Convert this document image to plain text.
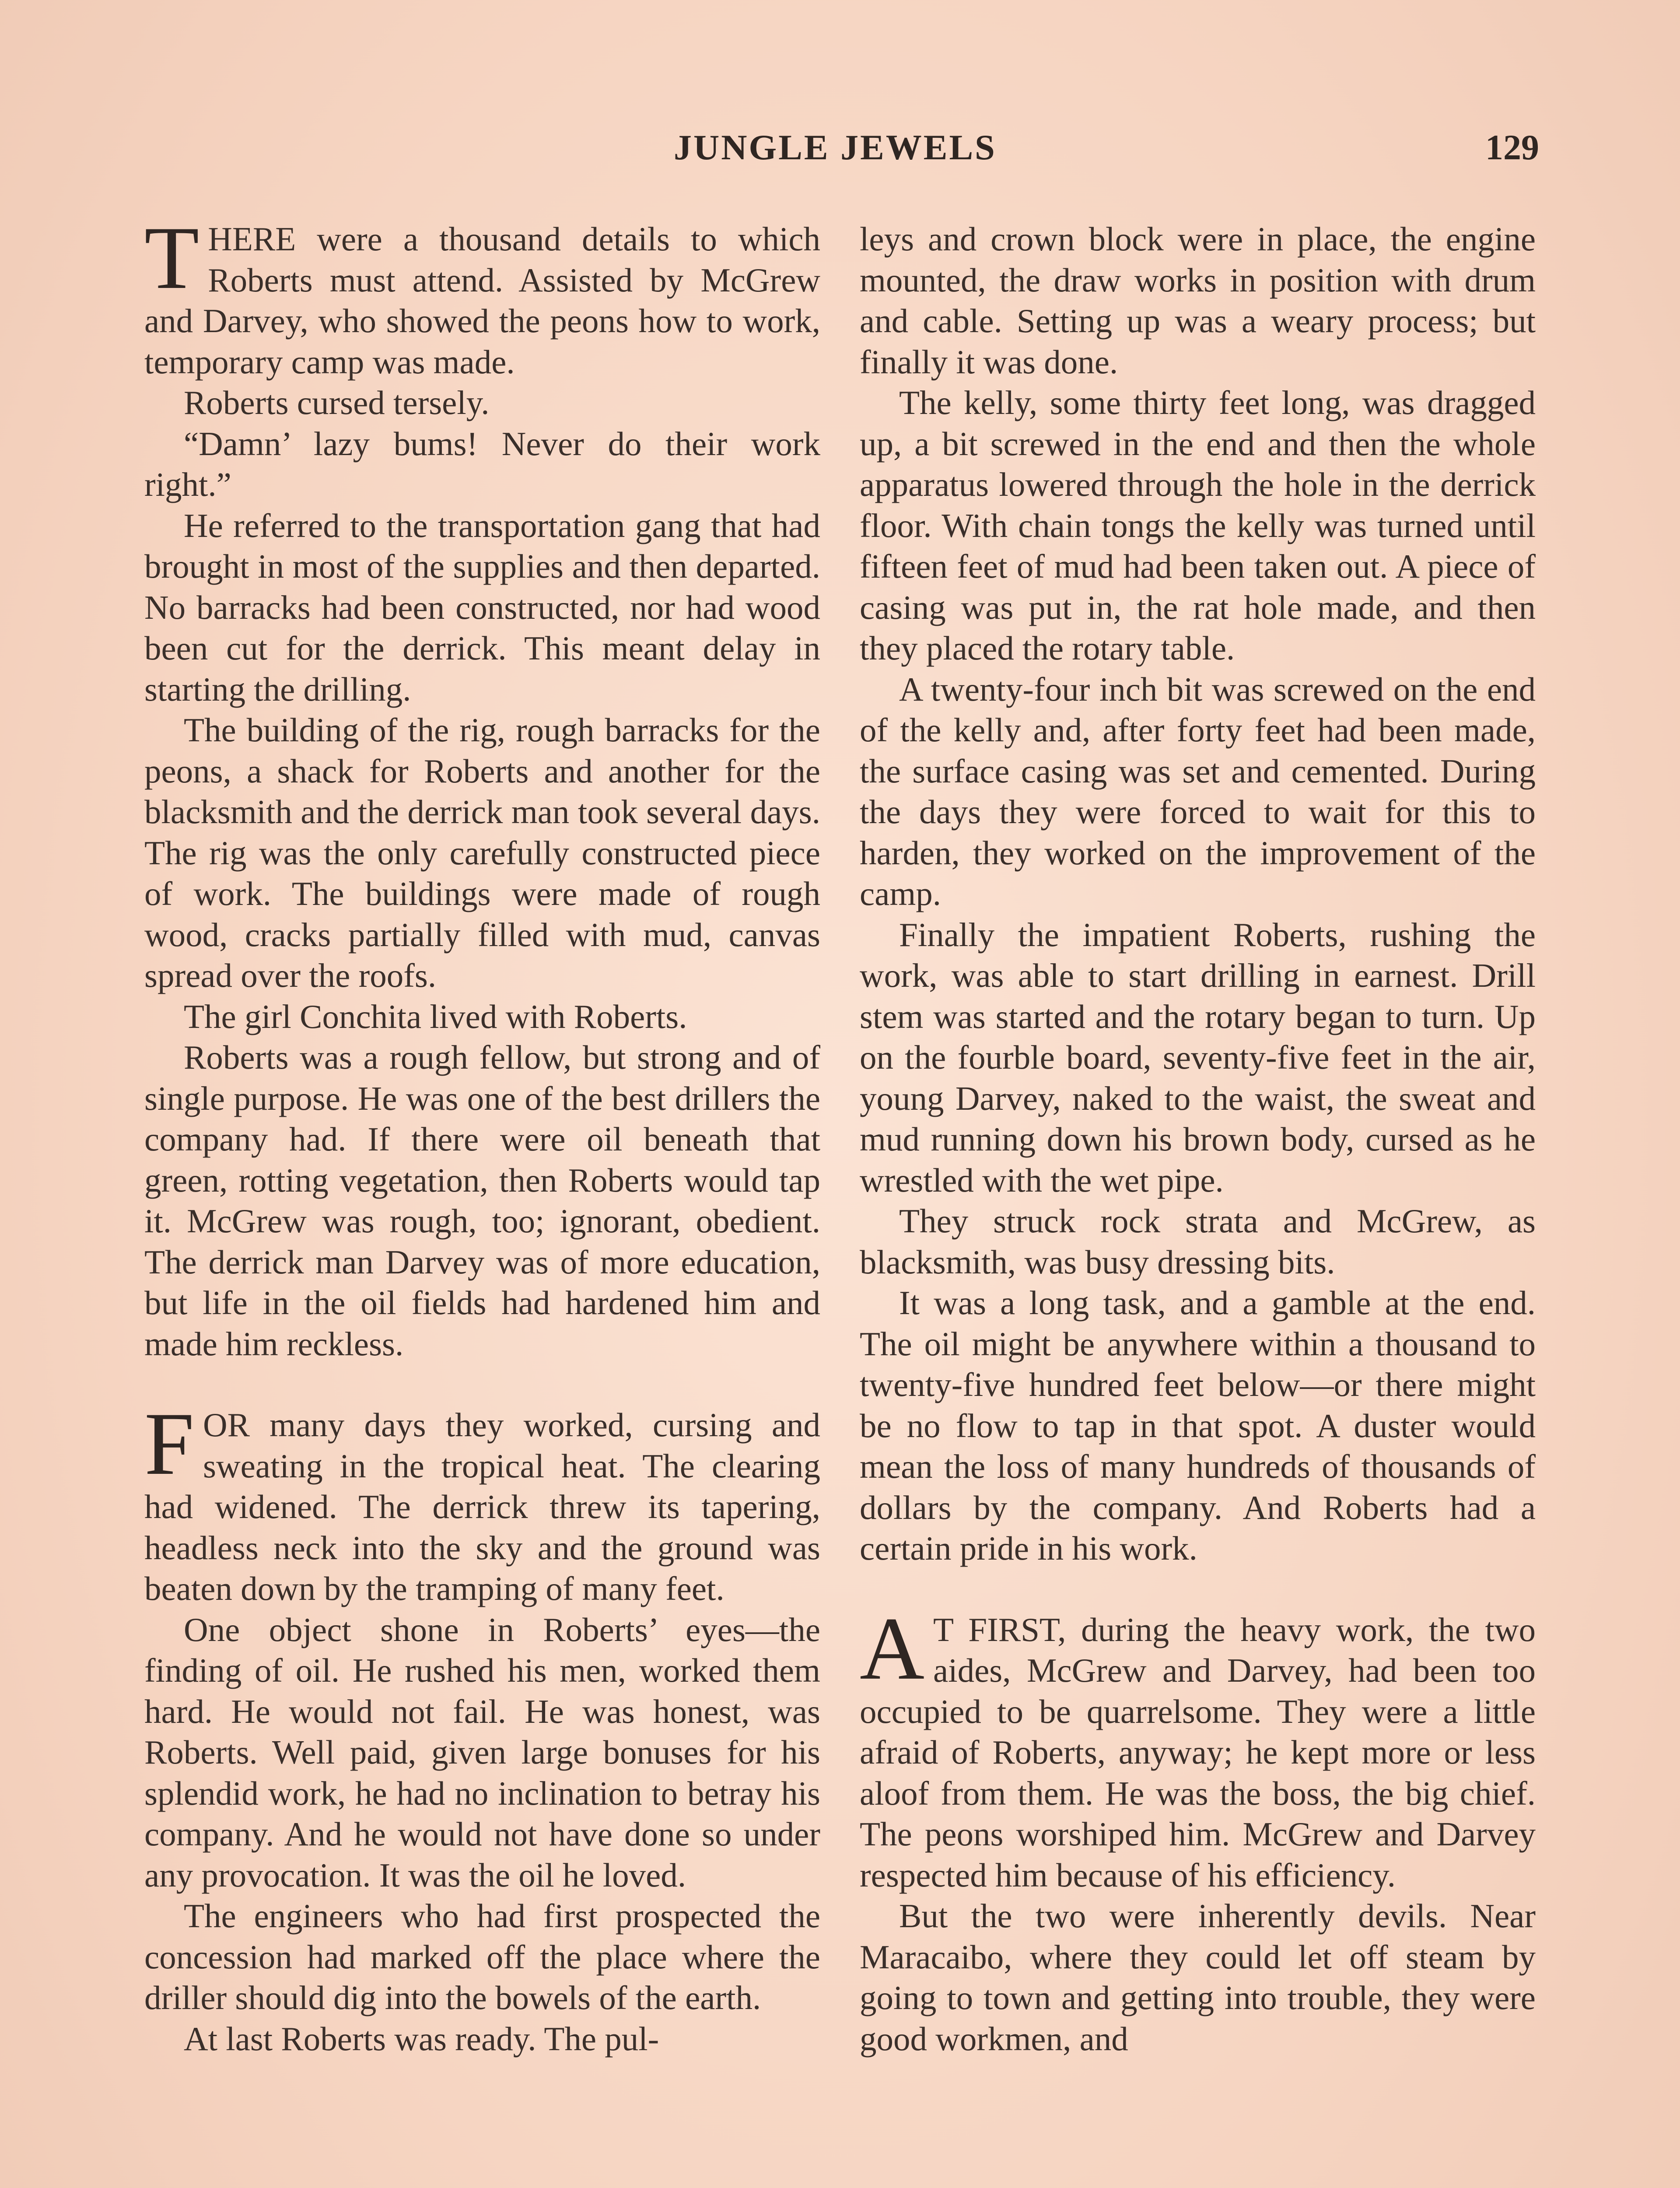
JUNGLE JEWELS	129

THERE were a thousand details to which Roberts must attend. Assisted by McGrew and Darvey, who showed the peons how to work, temporary camp was made.

Roberts cursed tersely.

“Damn’ lazy bums! Never do their work right.”

He referred to the transportation gang that had brought in most of the supplies and then departed. No barracks had been constructed, nor had wood been cut for the derrick. This meant delay in starting the drilling.

The building of the rig, rough barracks for the peons, a shack for Roberts and another for the blacksmith and the derrick man took several days. The rig was the only carefully constructed piece of work. The buildings were made of rough wood, cracks partially filled with mud, canvas spread over the roofs.

The girl Conchita lived with Roberts.

Roberts was a rough fellow, but strong and of single purpose. He was one of the best drillers the company had. If there were oil beneath that green, rotting vegetation, then Roberts would tap it. McGrew was rough, too; ignorant, obedient. The derrick man Darvey was of more education, but life in the oil fields had hardened him and made him reckless.

FOR many days they worked, cursing and sweating in the tropical heat. The clearing had widened. The derrick threw its tapering, headless neck into the sky and the ground was beaten down by the tramping of many feet.

One object shone in Roberts’ eyes—the finding of oil. He rushed his men, worked them hard. He would not fail. He was honest, was Roberts. Well paid, given large bonuses for his splendid work, he had no inclination to betray his company. And he would not have done so under any provocation. It was the oil he loved.

The engineers who had first prospected the concession had marked off the place where the driller should dig into the bowels of the earth.

At last Roberts was ready. The pul-

leys and crown block were in place, the engine mounted, the draw works in position with drum and cable. Setting up was a weary process; but finally it was done.

The kelly, some thirty feet long, was dragged up, a bit screwed in the end and then the whole apparatus lowered through the hole in the derrick floor. With chain tongs the kelly was turned until fifteen feet of mud had been taken out. A piece of casing was put in, the rat hole made, and then they placed the rotary table.

A twenty-four inch bit was screwed on the end of the kelly and, after forty feet had been made, the surface casing was set and cemented. During the days they were forced to wait for this to harden, they worked on the improvement of the camp.

Finally the impatient Roberts, rushing the work, was able to start drilling in earnest. Drill stem was started and the rotary began to turn. Up on the fourble board, seventy-five feet in the air, young Darvey, naked to the waist, the sweat and mud running down his brown body, cursed as he wrestled with the wet pipe.

They struck rock strata and McGrew, as blacksmith, was busy dressing bits.

It was a long task, and a gamble at the end. The oil might be anywhere within a thousand to twenty-five hundred feet below—or there might be no flow to tap in that spot. A duster would mean the loss of many hundreds of thousands of dollars by the company. And Roberts had a certain pride in his work.

A T FIRST, during the heavy work, the two aides, McGrew and Darvey, had been too occupied to be quarrelsome. They were a little afraid of Roberts, anyway; he kept more or less aloof from them. He was the boss, the big chief. The peons worshiped him. McGrew and Darvey respected him because of his efficiency.

But the two were inherently devils. Near Maracaibo, where they could let off steam by going to town and getting into trouble, they were good workmen, and
